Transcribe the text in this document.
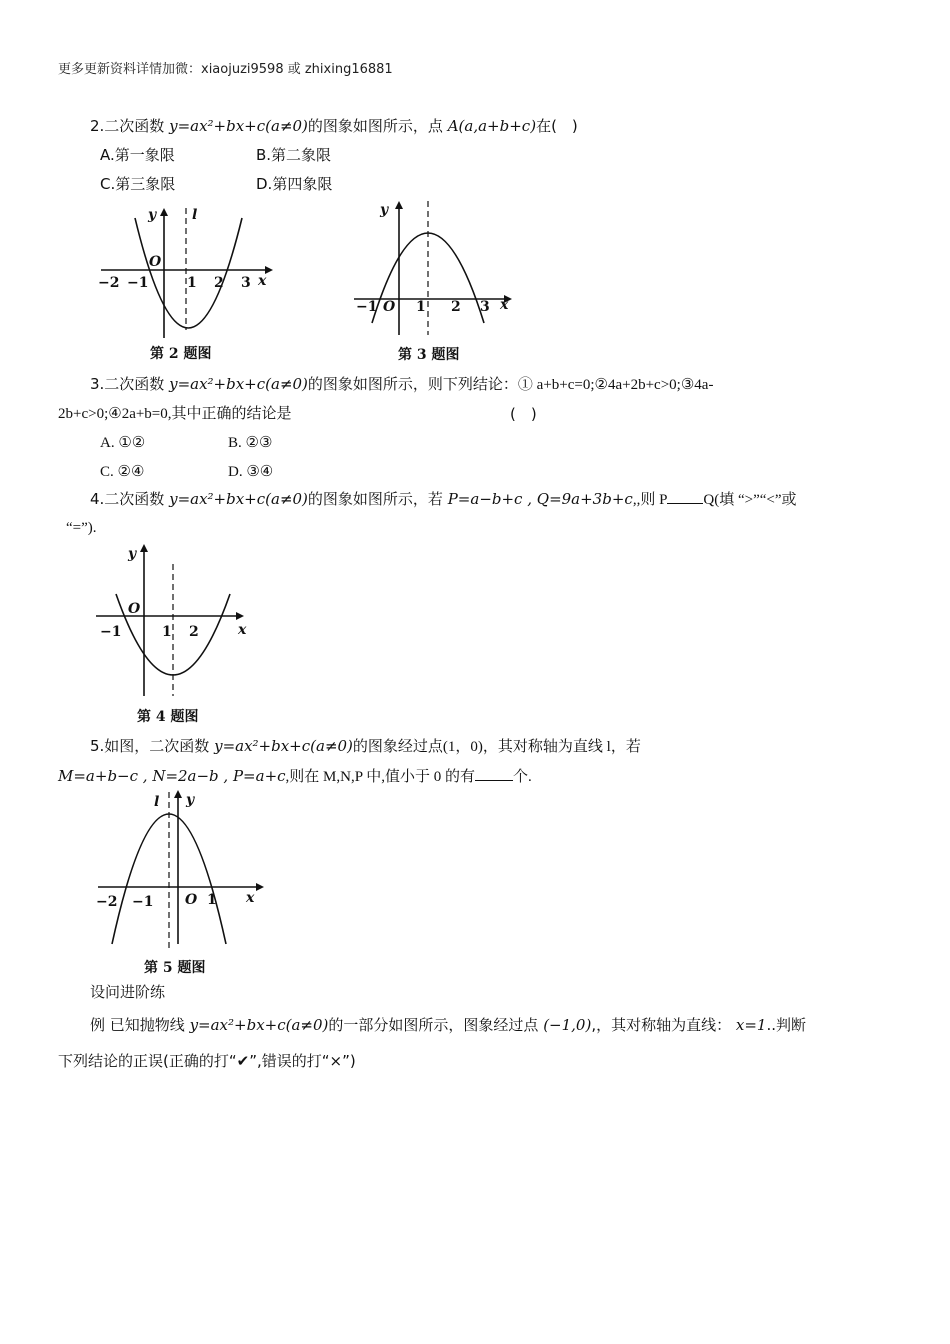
更多更新资料详情加微：xiaojuzi9598 或 zhixing16881
2.二次函数 y=ax²+bx+c(a≠0)的图象如图所示，点 A(a,a+b+c)在(　)
A.第一象限	B.第二象限
C.第三象限	D.第四象限
y	l
O
−2 −1	1 2 3 x
第 2 题图
y
−1 O 1 2 3 x
第 3 题图
3.二次函数 y=ax²+bx+c(a≠0)的图象如图所示，则下列结论：① a+b+c=0;②4a+2b+c>0;③4a-
2b+c>0;④2a+b=0,其中正确的结论是	(　)
A. ①②	B. ②③
C. ②④	D. ③④
4.二次函数 y=ax²+bx+c(a≠0)的图象如图所示，若 P=a−b+c , Q=9a+3b+c,,则 P Q(填 “>”“<”或
“=”).
y
O
−1	1 2	x
第 4 题图
5.如图，二次函数 y=ax²+bx+c(a≠0)的图象经过点(1，0)，其对称轴为直线 l，若
M=a+b−c , N=2a−b , P=a+c,则在 M,N,P 中,值小于 0 的有	个.
l y
−2 −1 O 1 x
第 5 题图
设问进阶练
例 已知抛物线 y=ax²+bx+c(a≠0)的一部分如图所示，图象经过点 (−1,0),，其对称轴为直线： x=1..判断
下列结论的正误(正确的打“✔”,错误的打“×”)
